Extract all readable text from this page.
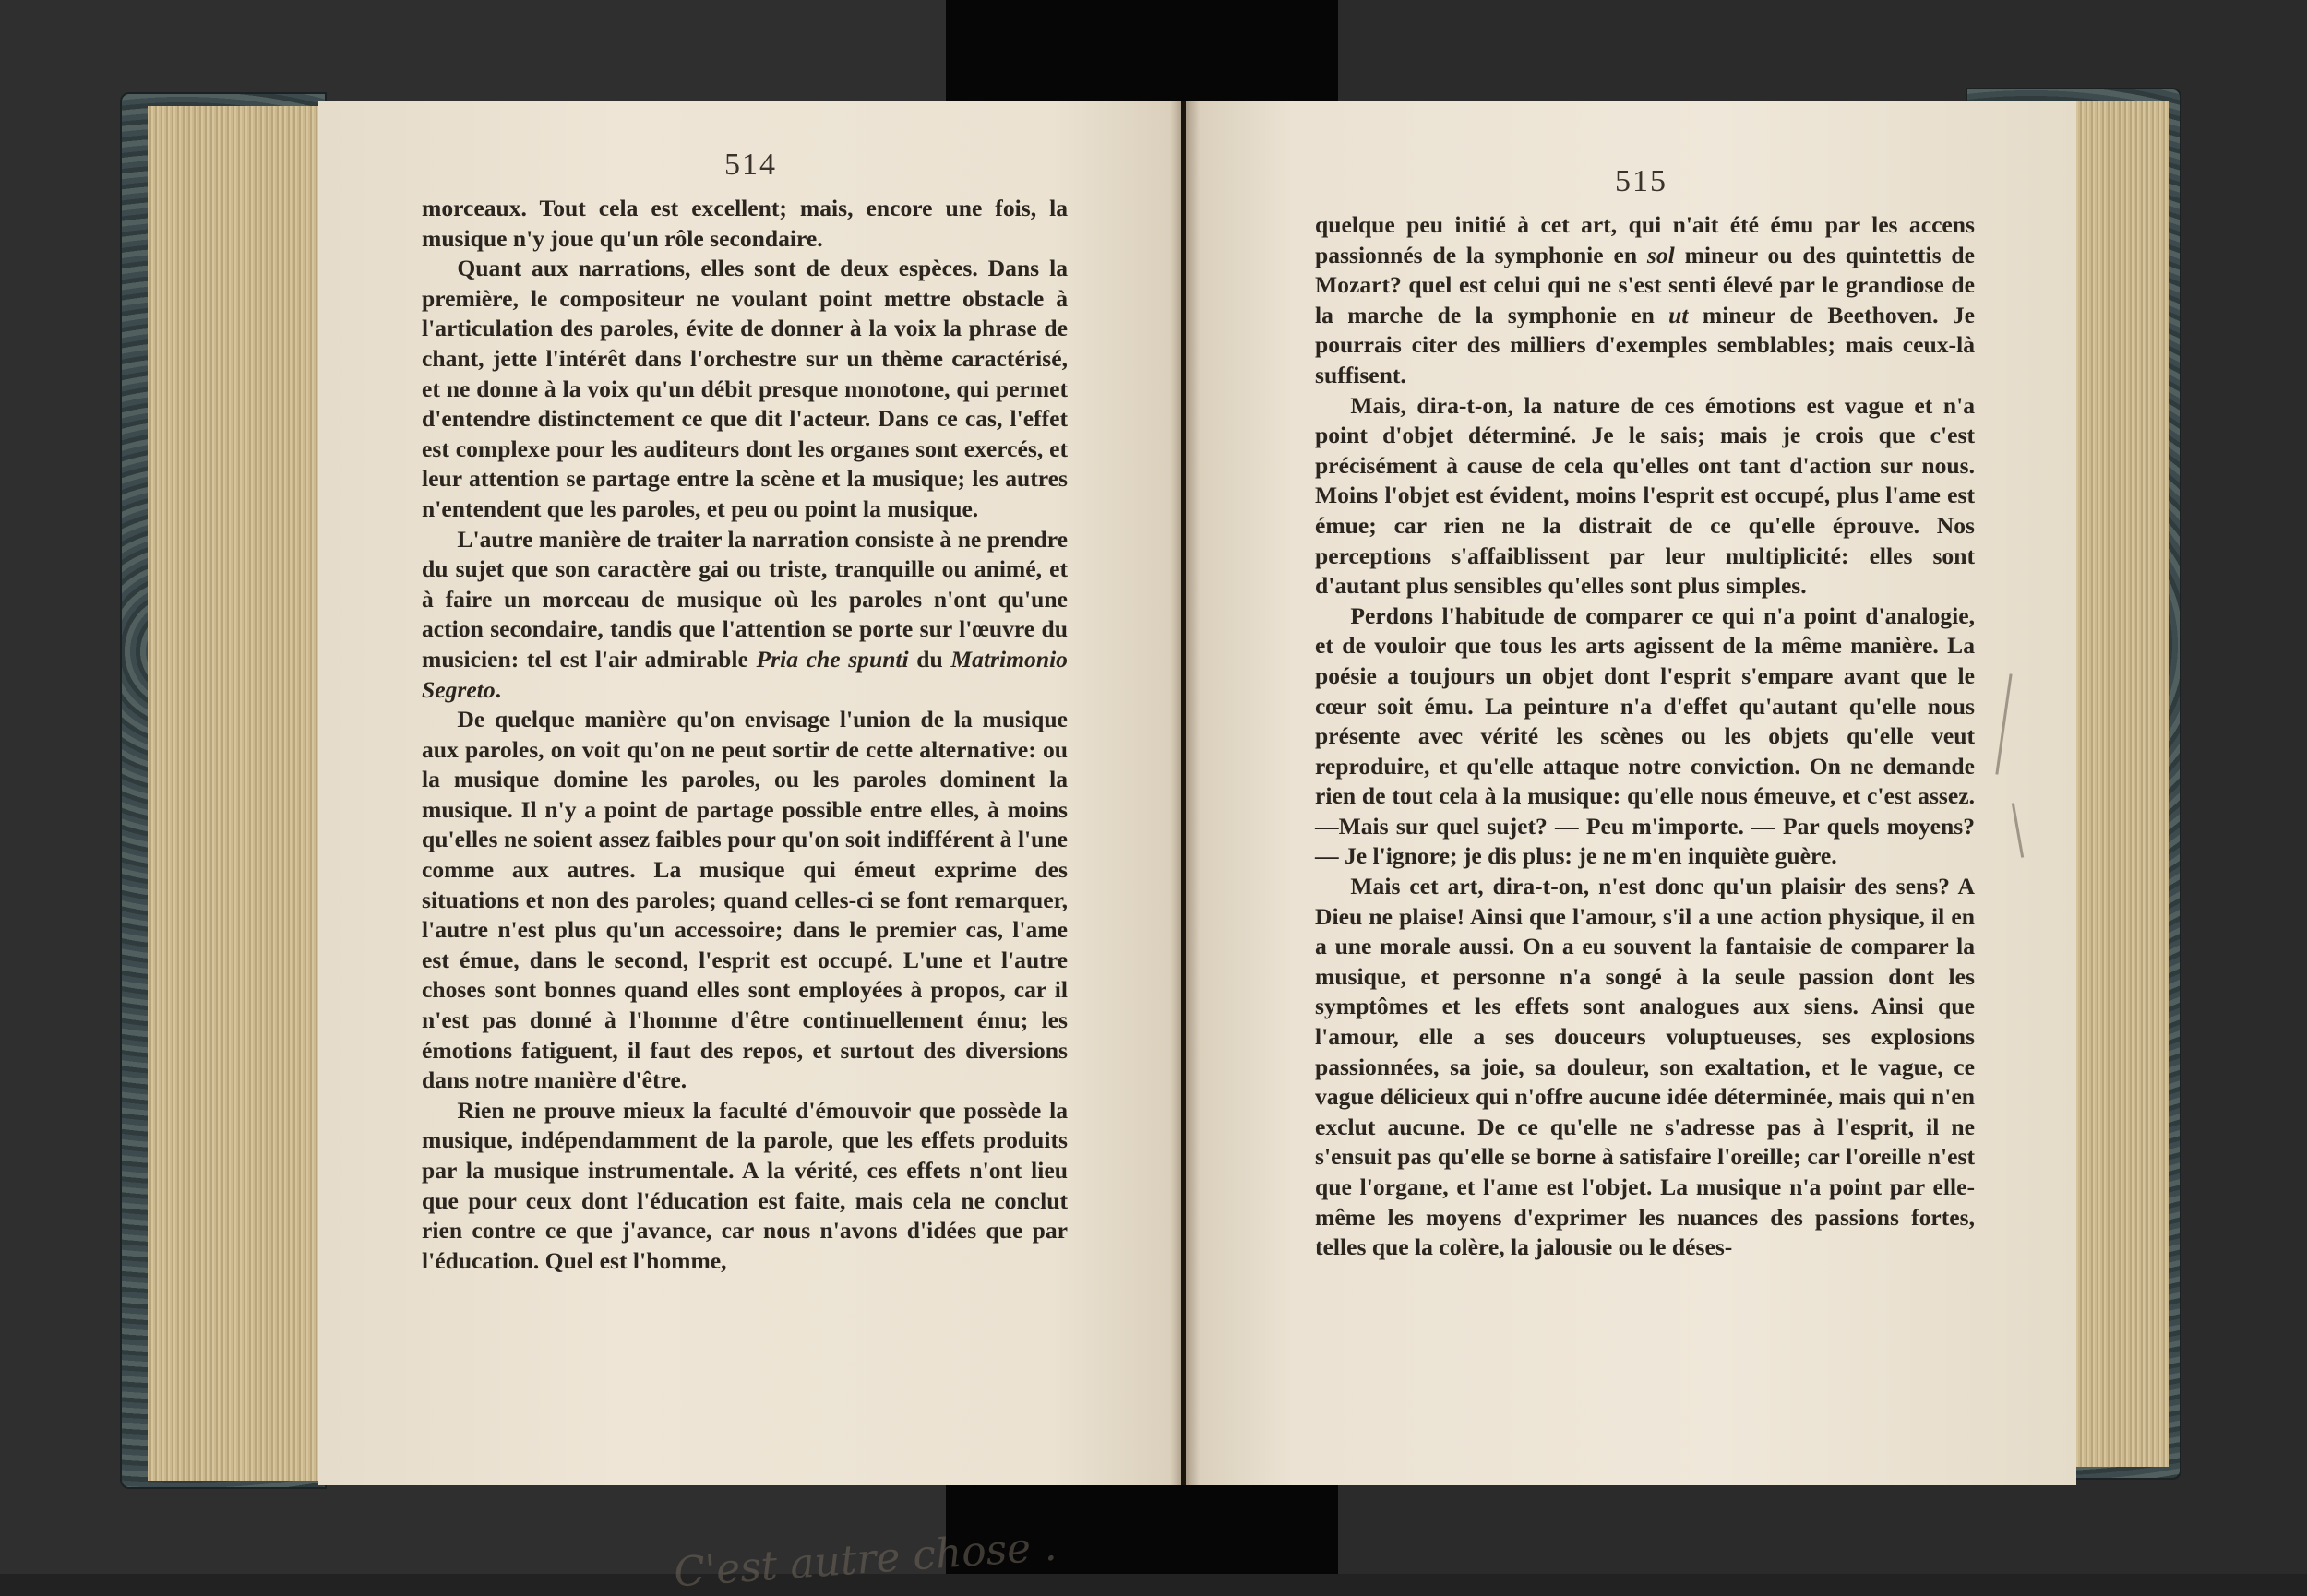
514

morceaux. Tout cela est excellent; mais, encore une fois, la musique n'y joue qu'un rôle secondaire.

Quant aux narrations, elles sont de deux espèces. Dans la première, le compositeur ne voulant point mettre obstacle à l'articulation des paroles, évite de donner à la voix la phrase de chant, jette l'intérêt dans l'orchestre sur un thème caractérisé, et ne donne à la voix qu'un débit presque monotone, qui permet d'entendre distinctement ce que dit l'acteur. Dans ce cas, l'effet est complexe pour les auditeurs dont les organes sont exercés, et leur attention se partage entre la scène et la musique; les autres n'entendent que les paroles, et peu ou point la musique.

L'autre manière de traiter la narration consiste à ne prendre du sujet que son caractère gai ou triste, tranquille ou animé, et à faire un morceau de musique où les paroles n'ont qu'une action secondaire, tandis que l'attention se porte sur l'œuvre du musicien: tel est l'air admirable Pria che spunti du Matrimonio Segreto.

De quelque manière qu'on envisage l'union de la musique aux paroles, on voit qu'on ne peut sortir de cette alternative: ou la musique domine les paroles, ou les paroles dominent la musique. Il n'y a point de partage possible entre elles, à moins qu'elles ne soient assez faibles pour qu'on soit indifférent à l'une comme aux autres. La musique qui émeut exprime des situations et non des paroles; quand celles-ci se font remarquer, l'autre n'est plus qu'un accessoire; dans le premier cas, l'ame est émue, dans le second, l'esprit est occupé. L'une et l'autre choses sont bonnes quand elles sont employées à propos, car il n'est pas donné à l'homme d'être continuellement ému; les émotions fatiguent, il faut des repos, et surtout des diversions dans notre manière d'être.

Rien ne prouve mieux la faculté d'émouvoir que possède la musique, indépendamment de la parole, que les effets produits par la musique instrumentale. A la vérité, ces effets n'ont lieu que pour ceux dont l'éducation est faite, mais cela ne conclut rien contre ce que j'avance, car nous n'avons d'idées que par l'éducation. Quel est l'homme,

C'est autre chose .
515

quelque peu initié à cet art, qui n'ait été ému par les accens passionnés de la symphonie en sol mineur ou des quintettis de Mozart? quel est celui qui ne s'est senti élevé par le grandiose de la marche de la symphonie en ut mineur de Beethoven. Je pourrais citer des milliers d'exemples semblables; mais ceux-là suffisent.

Mais, dira-t-on, la nature de ces émotions est vague et n'a point d'objet déterminé. Je le sais; mais je crois que c'est précisément à cause de cela qu'elles ont tant d'action sur nous. Moins l'objet est évident, moins l'esprit est occupé, plus l'ame est émue; car rien ne la distrait de ce qu'elle éprouve. Nos perceptions s'affaiblissent par leur multiplicité: elles sont d'autant plus sensibles qu'elles sont plus simples.

Perdons l'habitude de comparer ce qui n'a point d'analogie, et de vouloir que tous les arts agissent de la même manière. La poésie a toujours un objet dont l'esprit s'empare avant que le cœur soit ému. La peinture n'a d'effet qu'autant qu'elle nous présente avec vérité les scènes ou les objets qu'elle veut reproduire, et qu'elle attaque notre conviction. On ne demande rien de tout cela à la musique: qu'elle nous émeuve, et c'est assez.—Mais sur quel sujet? — Peu m'importe. — Par quels moyens? — Je l'ignore; je dis plus: je ne m'en inquiète guère.

Mais cet art, dira-t-on, n'est donc qu'un plaisir des sens? A Dieu ne plaise! Ainsi que l'amour, s'il a une action physique, il en a une morale aussi. On a eu souvent la fantaisie de comparer la musique, et personne n'a songé à la seule passion dont les symptômes et les effets sont analogues aux siens. Ainsi que l'amour, elle a ses douceurs voluptueuses, ses explosions passionnées, sa joie, sa douleur, son exaltation, et le vague, ce vague délicieux qui n'offre aucune idée déterminée, mais qui n'en exclut aucune. De ce qu'elle ne s'adresse pas à l'esprit, il ne s'ensuit pas qu'elle se borne à satisfaire l'oreille; car l'oreille n'est que l'organe, et l'ame est l'objet. La musique n'a point par elle-même les moyens d'exprimer les nuances des passions fortes, telles que la colère, la jalousie ou le déses-
